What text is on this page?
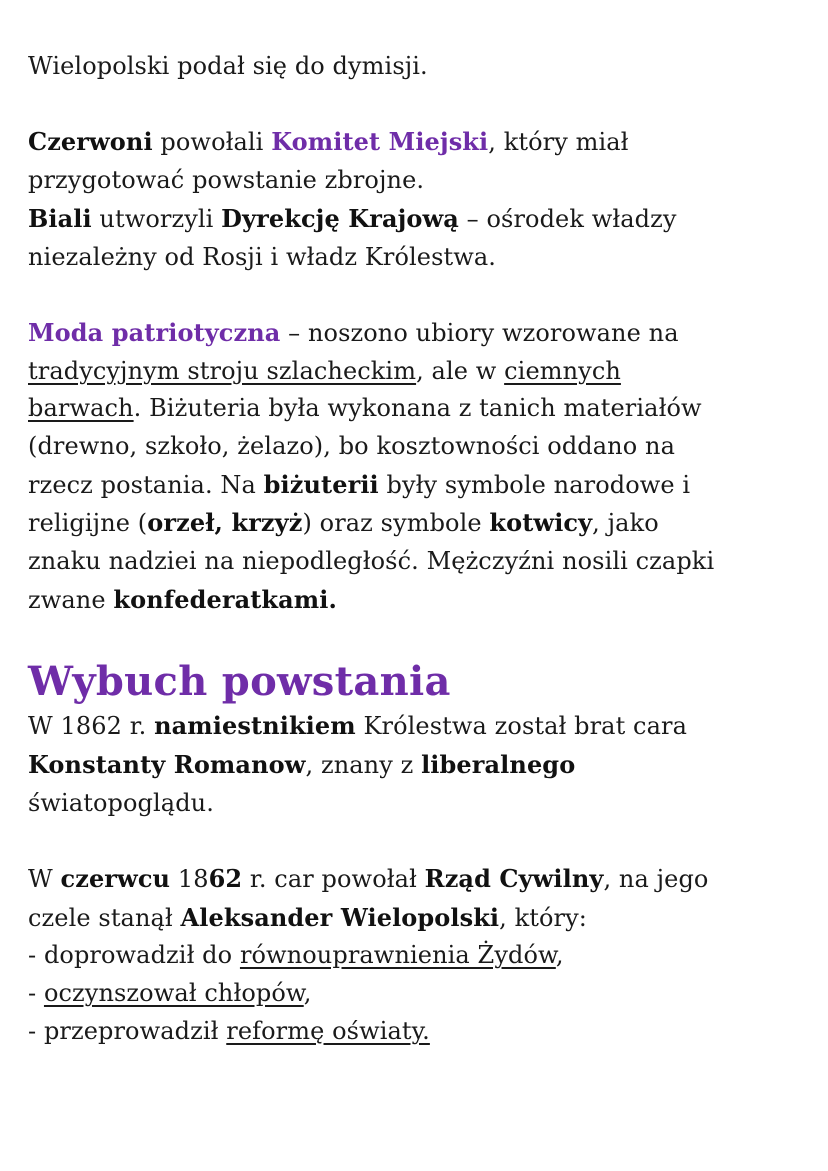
Wielopolski podał się do dymisji.
Czerwoni powołali Komitet Miejski, który miał
przygotować powstanie zbrojne.
Biali utworzyli Dyrekcję Krajową – ośrodek władzy
niezależny od Rosji i władz Królestwa.
Moda patriotyczna – noszono ubiory wzorowane na
tradycyjnym stroju szlacheckim, ale w ciemnych
barwach. Biżuteria była wykonana z tanich materiałów
(drewno, szkoło, żelazo), bo kosztowności oddano na
rzecz postania. Na biżuterii były symbole narodowe i
religijne (orzeł, krzyż) oraz symbole kotwicy, jako
znaku nadziei na niepodległość. Mężczyźni nosili czapki
zwane konfederatkami.
Wybuch powstania
W 1862 r. namiestnikiem Królestwa został brat cara
Konstanty Romanow, znany z liberalnego
światopoglądu.
W czerwcu 1862 r. car powołał Rząd Cywilny, na jego
czele stanął Aleksander Wielopolski, który:
- doprowadził do równouprawnienia Żydów,
- oczynszował chłopów,
- przeprowadził reformę oświaty.
